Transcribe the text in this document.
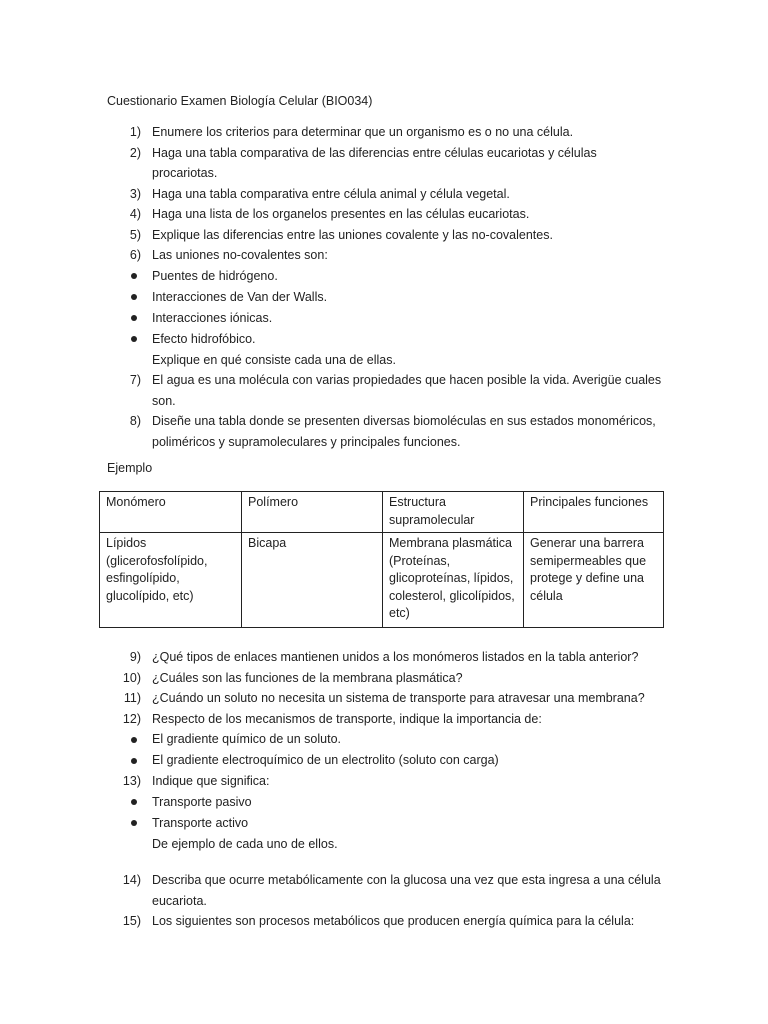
Cuestionario Examen Biología Celular (BIO034)
1) Enumere los criterios para determinar que un organismo es o no una célula.
2) Haga una tabla comparativa de las diferencias entre células eucariotas y células procariotas.
3) Haga una tabla comparativa entre célula animal y célula vegetal.
4) Haga una lista de los organelos presentes en las células eucariotas.
5) Explique las diferencias entre las uniones covalente y las no-covalentes.
6) Las uniones no-covalentes son:
Puentes de hidrógeno.
Interacciones de Van der Walls.
Interacciones iónicas.
Efecto hidrofóbico.
Explique en qué consiste cada una de ellas.
7) El agua es una molécula con varias propiedades que hacen posible la vida. Averigüe cuales son.
8) Diseñe una tabla donde se presenten diversas biomoléculas en sus estados monoméricos, poliméricos y supramoleculares y principales funciones.
Ejemplo
Monómero	Polímero	Estructura supramolecular	Principales funciones
Lípidos (glicerofosfolípido, esfingolípido, glucolípido, etc)	Bicapa	Membrana plasmática (Proteínas, glicoproteínas, lípidos, colesterol, glicolípidos, etc)	Generar una barrera semipermeables que protege y define una célula
9) ¿Qué tipos de enlaces mantienen unidos a los monómeros listados en la tabla anterior?
10) ¿Cuáles son las funciones de la membrana plasmática?
11) ¿Cuándo un soluto no necesita un sistema de transporte para atravesar una membrana?
12) Respecto de los mecanismos de transporte, indique la importancia de:
El gradiente químico de un soluto.
El gradiente electroquímico de un electrolito (soluto con carga)
13) Indique que significa:
Transporte pasivo
Transporte activo
De ejemplo de cada uno de ellos.
14) Describa que ocurre metabólicamente con la glucosa una vez que esta ingresa a una célula eucariota.
15) Los siguientes son procesos metabólicos que producen energía química para la célula:
